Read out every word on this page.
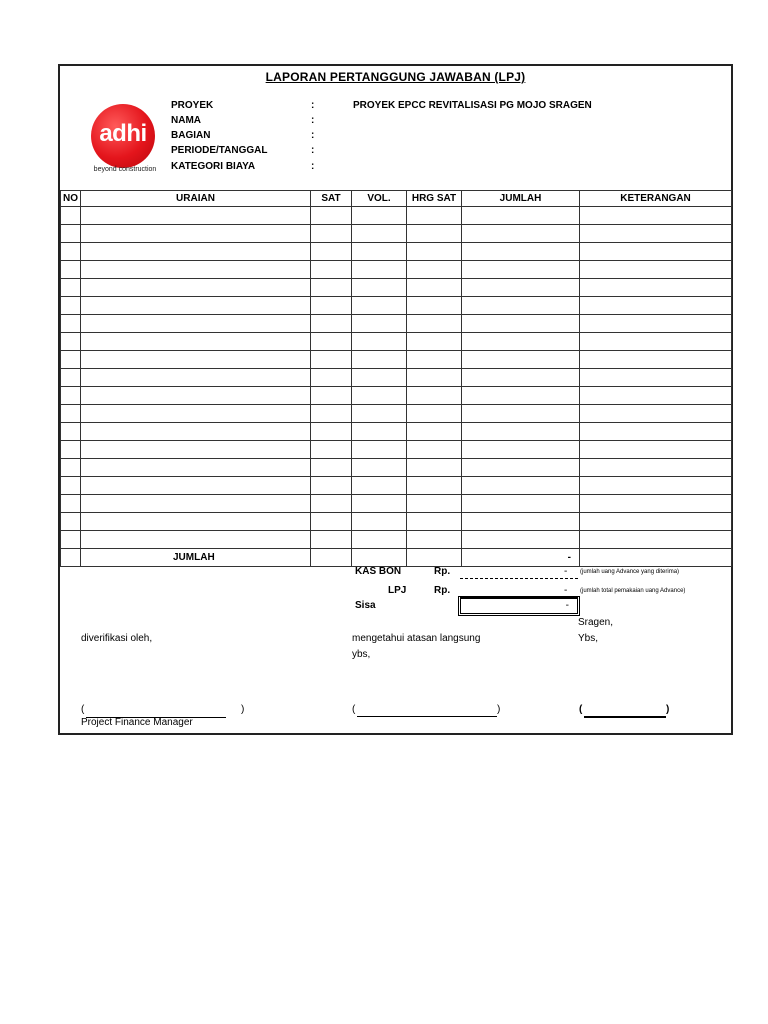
LAPORAN PERTANGGUNG JAWABAN (LPJ)
adhi
beyond construction
PROYEK	:	PROYEK EPCC REVITALISASI PG MOJO SRAGEN
NAMA	:
BAGIAN	:
PERIODE/TANGGAL	:
KATEGORI BIAYA	:
NO	URAIAN	SAT	VOL.	HRG SAT	JUMLAH	KETERANGAN

	JUMLAH				-	
KAS BON	Rp.	- (jumlah uang Advance yang diterima)
LPJ	Rp.	- (jumlah total pemakaian uang Advance)
Sisa	-
Sragen,
diverifikasi oleh,	mengetahui atasan langsung	Ybs,
ybs,
(	)
Project Finance Manager
(	)	(	)
